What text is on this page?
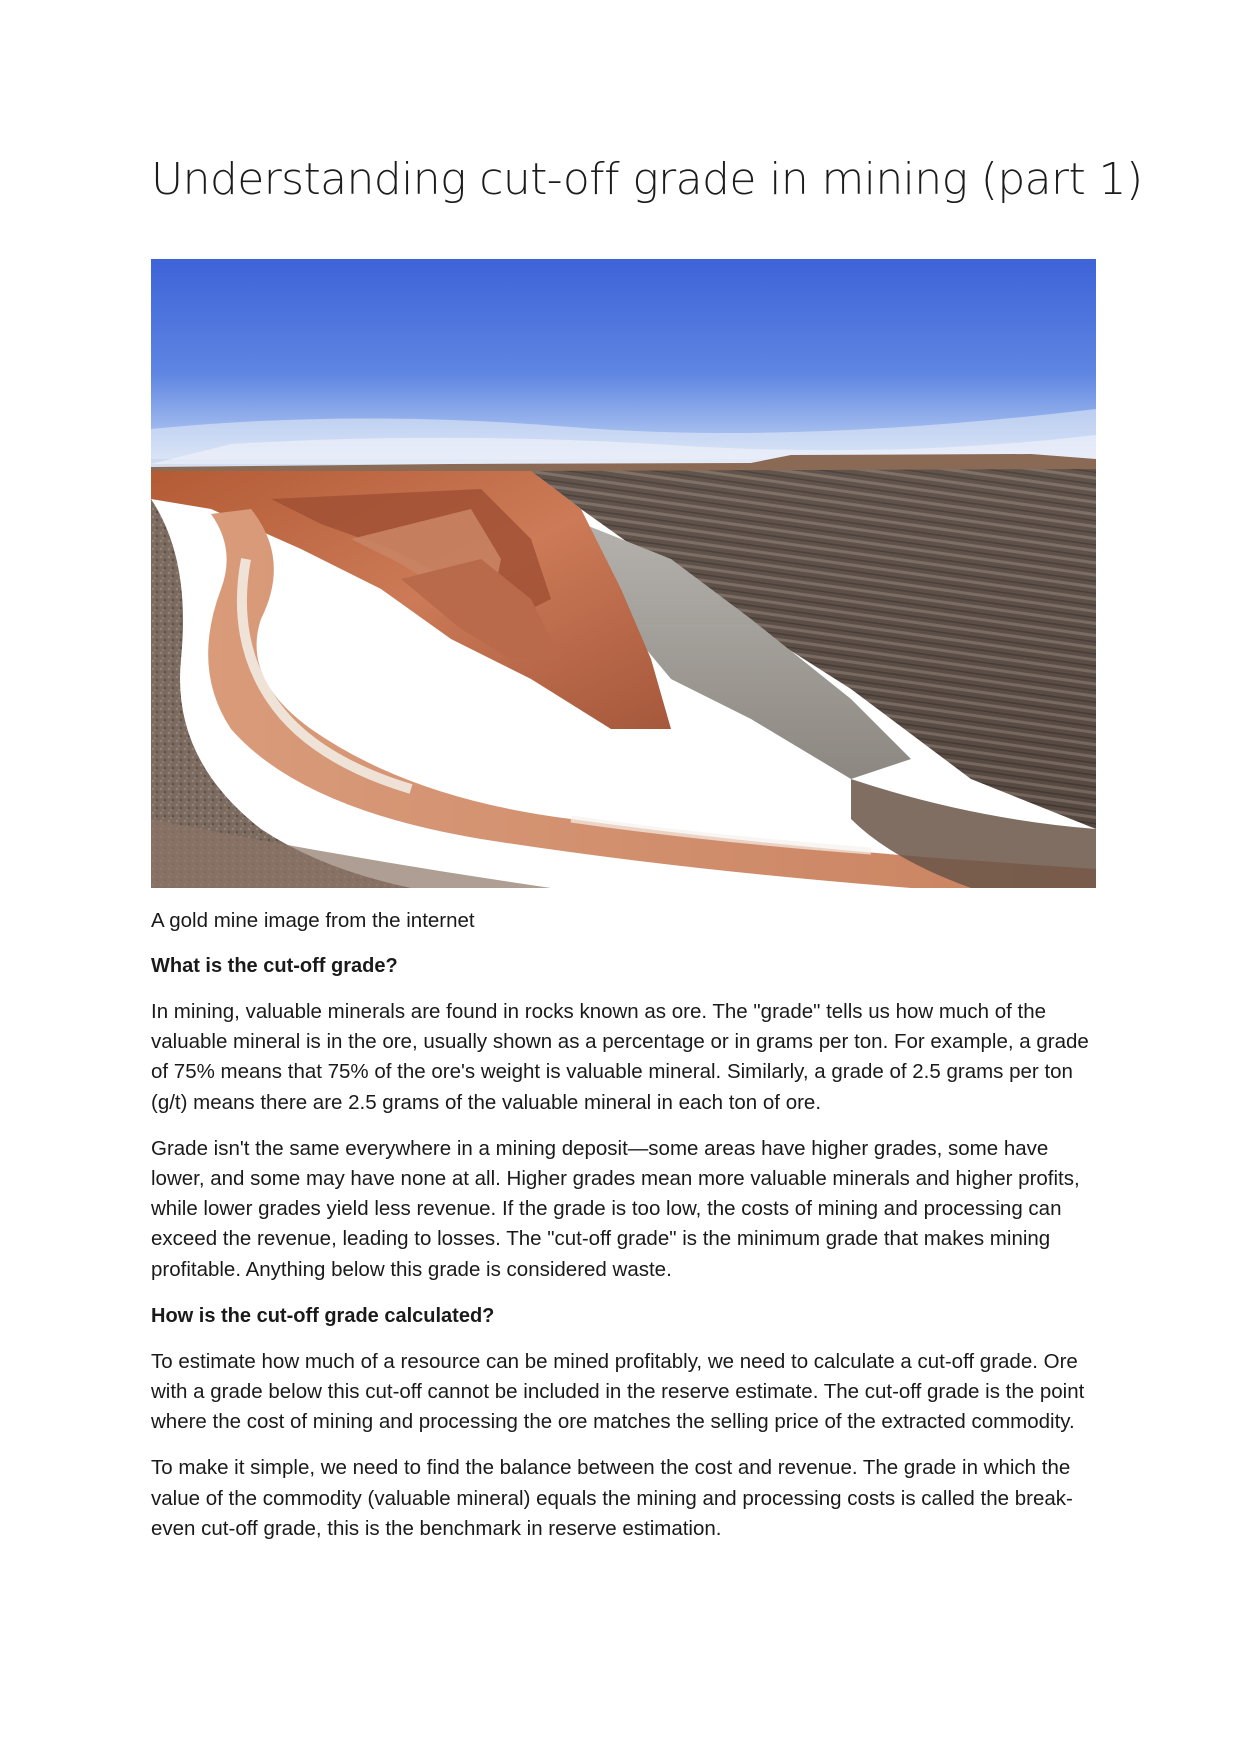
Understanding cut-off grade in mining (part 1)

A gold mine image from the internet

What is the cut-off grade?

In mining, valuable minerals are found in rocks known as ore. The "grade" tells us how much of the valuable mineral is in the ore, usually shown as a percentage or in grams per ton. For example, a grade of 75% means that 75% of the ore's weight is valuable mineral. Similarly, a grade of 2.5 grams per ton (g/t) means there are 2.5 grams of the valuable mineral in each ton of ore.

Grade isn't the same everywhere in a mining deposit—some areas have higher grades, some have lower, and some may have none at all. Higher grades mean more valuable minerals and higher profits, while lower grades yield less revenue. If the grade is too low, the costs of mining and processing can exceed the revenue, leading to losses. The "cut-off grade" is the minimum grade that makes mining profitable. Anything below this grade is considered waste.

How is the cut-off grade calculated?

To estimate how much of a resource can be mined profitably, we need to calculate a cut-off grade. Ore with a grade below this cut-off cannot be included in the reserve estimate. The cut-off grade is the point where the cost of mining and processing the ore matches the selling price of the extracted commodity.

To make it simple, we need to find the balance between the cost and revenue. The grade in which the value of the commodity (valuable mineral) equals the mining and processing costs is called the break-even cut-off grade, this is the benchmark in reserve estimation.
